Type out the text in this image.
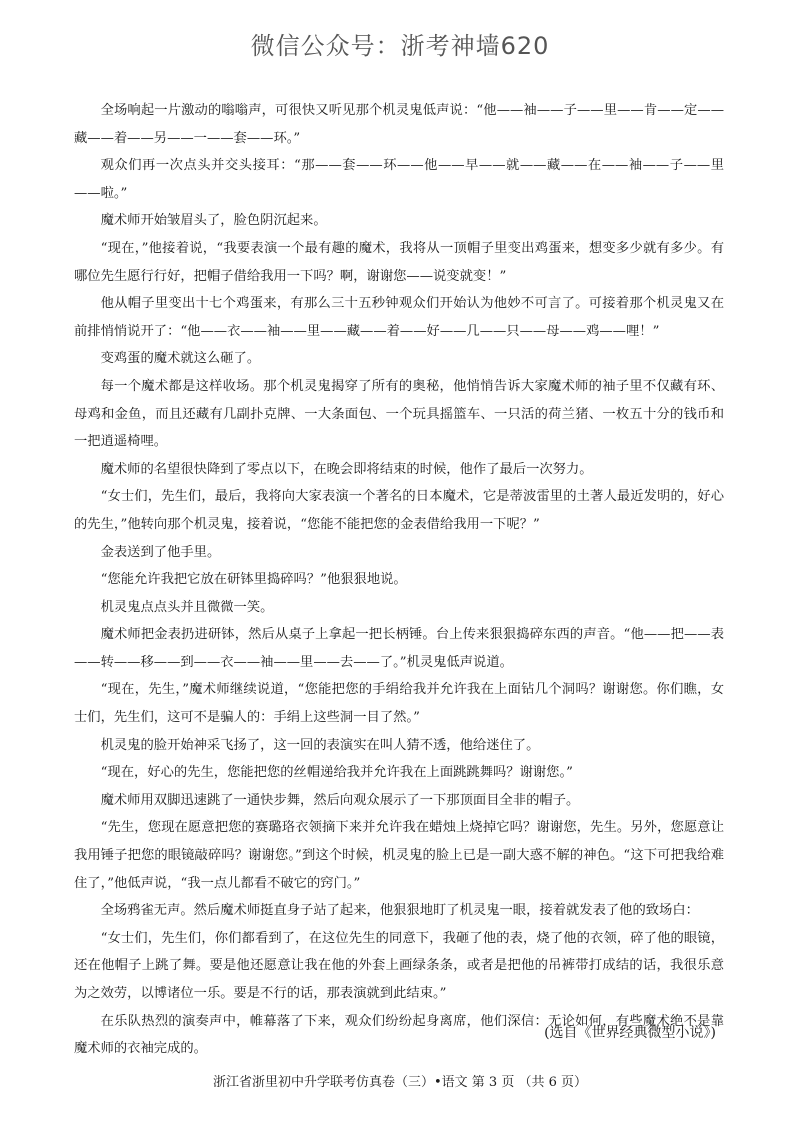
微信公众号：浙考神墙620

全场响起一片激动的嗡嗡声，可很快又听见那个机灵鬼低声说：“他——袖——子——里——肯——定——藏——着——另——一——套——环。”

观众们再一次点头并交头接耳：“那——套——环——他——早——就——藏——在——袖——子——里——啦。”

魔术师开始皱眉头了，脸色阴沉起来。

“现在，”他接着说，“我要表演一个最有趣的魔术，我将从一顶帽子里变出鸡蛋来，想变多少就有多少。有哪位先生愿行行好，把帽子借给我用一下吗？啊，谢谢您——说变就变！”

他从帽子里变出十七个鸡蛋来，有那么三十五秒钟观众们开始认为他妙不可言了。可接着那个机灵鬼又在前排悄悄说开了：“他——衣——袖——里——藏——着——好——几——只——母——鸡——哩！”

变鸡蛋的魔术就这么砸了。

每一个魔术都是这样收场。那个机灵鬼揭穿了所有的奥秘，他悄悄告诉大家魔术师的袖子里不仅藏有环、母鸡和金鱼，而且还藏有几副扑克牌、一大条面包、一个玩具摇篮车、一只活的荷兰猪、一枚五十分的钱币和一把逍遥椅哩。

魔术师的名望很快降到了零点以下，在晚会即将结束的时候，他作了最后一次努力。

“女士们，先生们，最后，我将向大家表演一个著名的日本魔术，它是蒂波雷里的土著人最近发明的，好心的先生，”他转向那个机灵鬼，接着说，“您能不能把您的金表借给我用一下呢？”

金表送到了他手里。

“您能允许我把它放在研钵里捣碎吗？”他狠狠地说。

机灵鬼点点头并且微微一笑。

魔术师把金表扔进研钵，然后从桌子上拿起一把长柄锤。台上传来狠狠捣碎东西的声音。“他——把——表——转——移——到——衣——袖——里——去——了。”机灵鬼低声说道。

“现在，先生，”魔术师继续说道，“您能把您的手绢给我并允许我在上面钻几个洞吗？谢谢您。你们瞧，女士们，先生们，这可不是骗人的：手绢上这些洞一目了然。”

机灵鬼的脸开始神采飞扬了，这一回的表演实在叫人猜不透，他给迷住了。

“现在，好心的先生，您能把您的丝帽递给我并允许我在上面跳跳舞吗？谢谢您。”

魔术师用双脚迅速跳了一通快步舞，然后向观众展示了一下那顶面目全非的帽子。

“先生，您现在愿意把您的赛璐珞衣领摘下来并允许我在蜡烛上烧掉它吗？谢谢您，先生。另外，您愿意让我用锤子把您的眼镜敲碎吗？谢谢您。”到这个时候，机灵鬼的脸上已是一副大惑不解的神色。“这下可把我给难住了，”他低声说，“我一点儿都看不破它的窍门。”

全场鸦雀无声。然后魔术师挺直身子站了起来，他狠狠地盯了机灵鬼一眼，接着就发表了他的致场白：

“女士们，先生们，你们都看到了，在这位先生的同意下，我砸了他的表，烧了他的衣领，碎了他的眼镜，还在他帽子上跳了舞。要是他还愿意让我在他的外套上画绿条条，或者是把他的吊裤带打成结的话，我很乐意为之效劳，以博诸位一乐。要是不行的话，那表演就到此结束。”

在乐队热烈的演奏声中，帷幕落了下来，观众们纷纷起身离席，他们深信：无论如何，有些魔术绝不是靠魔术师的衣袖完成的。

(选自《世界经典微型小说》)
浙江省浙里初中升学联考仿真卷（三）•语文 第 3 页 （共 6 页）
